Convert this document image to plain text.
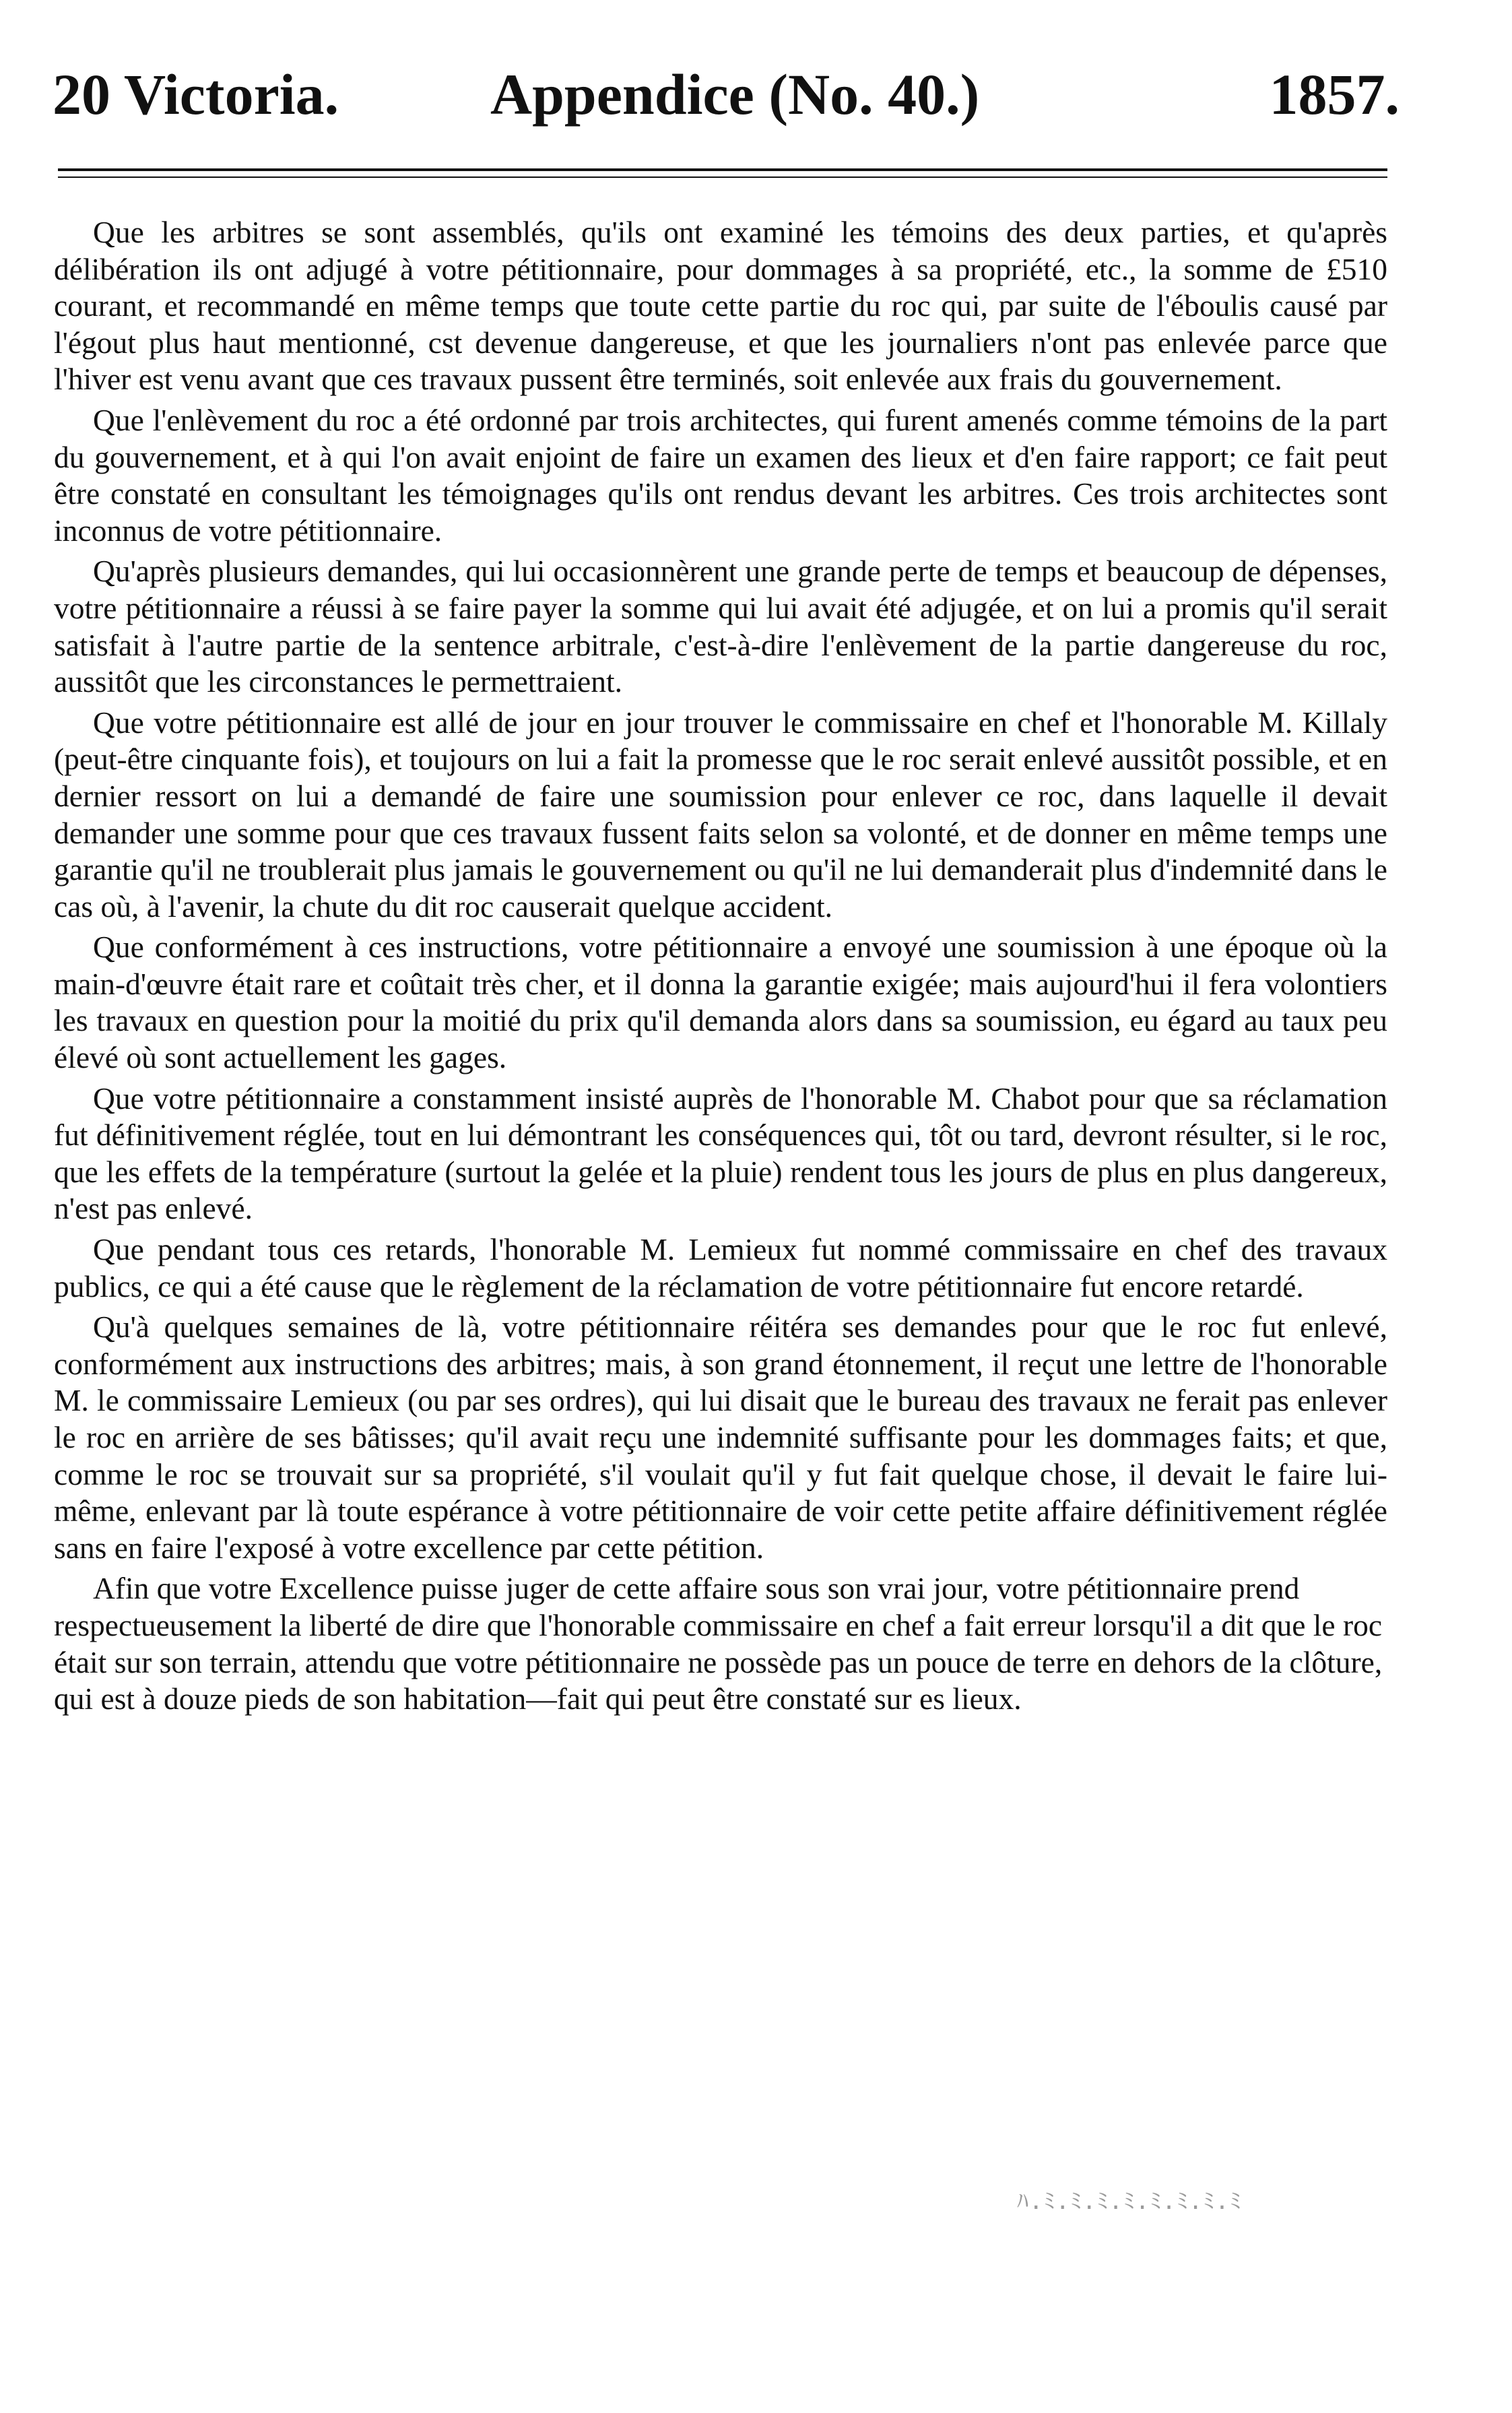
20 Victoria.	Appendice (No. 40.)	1857.

Que les arbitres se sont assemblés, qu'ils ont examiné les témoins des deux parties, et qu'après délibération ils ont adjugé à votre pétitionnaire, pour dommages à sa propriété, etc., la somme de £510 courant, et recommandé en même temps que toute cette partie du roc qui, par suite de l'éboulis causé par l'égout plus haut mentionné, cst devenue dangereuse, et que les journaliers n'ont pas enlevée parce que l'hiver est venu avant que ces travaux pussent être terminés, soit enlevée aux frais du gouvernement.

Que l'enlèvement du roc a été ordonné par trois architectes, qui furent amenés comme témoins de la part du gouvernement, et à qui l'on avait enjoint de faire un examen des lieux et d'en faire rapport; ce fait peut être constaté en consultant les témoignages qu'ils ont rendus devant les arbitres. Ces trois architectes sont inconnus de votre pétitionnaire.

Qu'après plusieurs demandes, qui lui occasionnèrent une grande perte de temps et beaucoup de dépenses, votre pétitionnaire a réussi à se faire payer la somme qui lui avait été adjugée, et on lui a promis qu'il serait satisfait à l'autre partie de la sentence arbitrale, c'est-à-dire l'enlèvement de la partie dangereuse du roc, aussitôt que les circonstances le permettraient.

Que votre pétitionnaire est allé de jour en jour trouver le commissaire en chef et l'honorable M. Killaly (peut-être cinquante fois), et toujours on lui a fait la promesse que le roc serait enlevé aussitôt possible, et en dernier ressort on lui a demandé de faire une soumission pour enlever ce roc, dans laquelle il devait demander une somme pour que ces travaux fussent faits selon sa volonté, et de donner en même temps une garantie qu'il ne troublerait plus jamais le gouvernement ou qu'il ne lui demanderait plus d'indemnité dans le cas où, à l'avenir, la chute du dit roc causerait quelque accident.

Que conformément à ces instructions, votre pétitionnaire a envoyé une soumission à une époque où la main-d'œuvre était rare et coûtait très cher, et il donna la garantie exigée; mais aujourd'hui il fera volontiers les travaux en question pour la moitié du prix qu'il demanda alors dans sa soumission, eu égard au taux peu élevé où sont actuellement les gages.

Que votre pétitionnaire a constamment insisté auprès de l'honorable M. Chabot pour que sa réclamation fut définitivement réglée, tout en lui démontrant les conséquences qui, tôt ou tard, devront résulter, si le roc, que les effets de la température (surtout la gelée et la pluie) rendent tous les jours de plus en plus dangereux, n'est pas enlevé.

Que pendant tous ces retards, l'honorable M. Lemieux fut nommé commissaire en chef des travaux publics, ce qui a été cause que le règlement de la réclamation de votre pétitionnaire fut encore retardé.

Qu'à quelques semaines de là, votre pétitionnaire réitéra ses demandes pour que le roc fut enlevé, conformément aux instructions des arbitres; mais, à son grand étonnement, il reçut une lettre de l'honorable M. le commissaire Lemieux (ou par ses ordres), qui lui disait que le bureau des travaux ne ferait pas enlever le roc en arrière de ses bâtisses; qu'il avait reçu une indemnité suffisante pour les dommages faits; et que, comme le roc se trouvait sur sa propriété, s'il voulait qu'il y fut fait quelque chose, il devait le faire lui-même, enlevant par là toute espérance à votre pétitionnaire de voir cette petite affaire définitivement réglée sans en faire l'exposé à votre excellence par cette pétition.

Afin que votre Excellence puisse juger de cette affaire sous son vrai jour, votre pétitionnaire prend respectueusement la liberté de dire que l'honorable commissaire en chef a fait erreur lorsqu'il a dit que le roc était sur son terrain, attendu que votre pétitionnaire ne possède pas un pouce de terre en dehors de la clôture, qui est à douze pieds de son habitation—fait qui peut être constaté sur es lieux.

ﾊ.ﾐ.ﾐ.ﾐ.ﾐ.ﾐ.ﾐ.ﾐ.ﾐ
